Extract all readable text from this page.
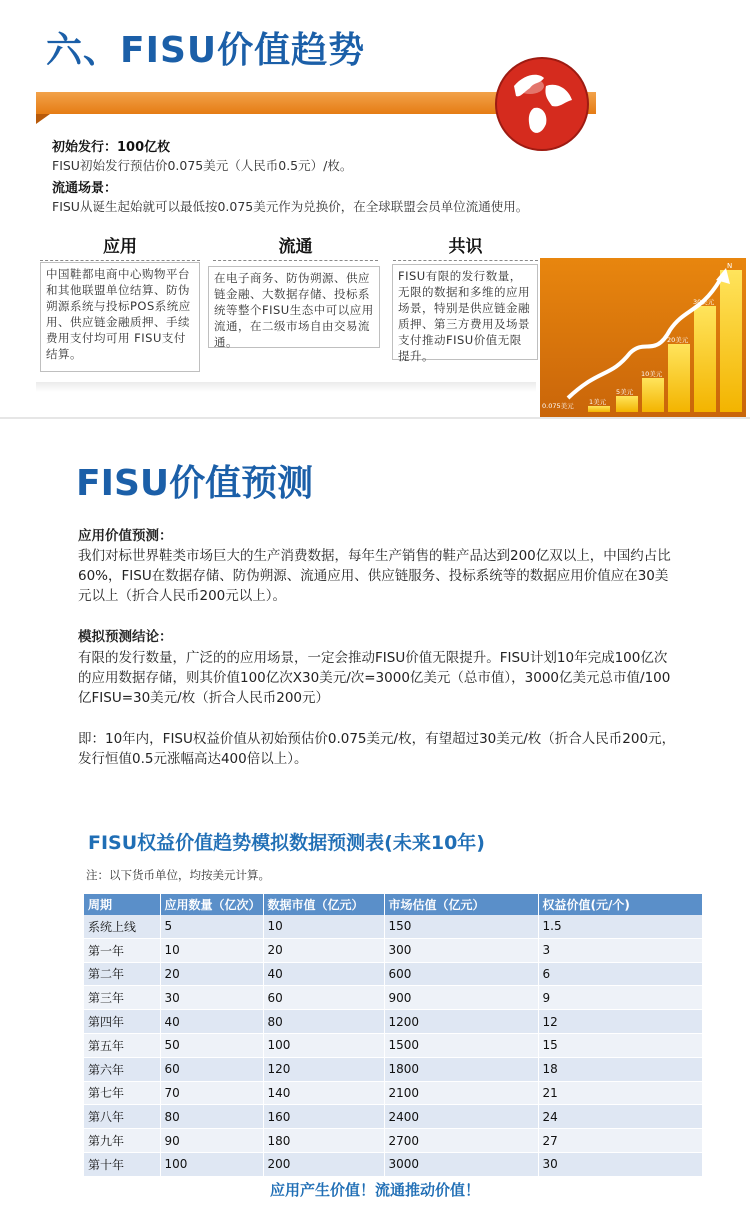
六、FISU价值趋势
初始发行：100亿枚
FISU初始发行预估价0.075美元（人民币0.5元）/枚。
流通场景：
FISU从诞生起始就可以最低按0.075美元作为兑换价，在全球联盟会员单位流通使用。
应用	流通	共识
中国鞋都电商中心购物平台和其他联盟单位结算、防伪朔源系统与投标POS系统应用、供应链金融质押、手续费用支付均可用 FISU支付结算。
在电子商务、防伪朔源、供应链金融、大数据存储、投标系统等整个FISU生态中可以应用流通，在二级市场自由交易流通。
FISU有限的发行数量，无限的数据和多维的应用场景，特别是供应链金融质押、第三方费用及场景支付推动FISU价值无限提升。
0.075美元 1美元
5美元
10美元
20美元
30美元
N
FISU价值预测
应用价值预测：
我们对标世界鞋类市场巨大的生产消费数据，每年生产销售的鞋产品达到200亿双以上，中国约占比60%，FISU在数据存储、防伪朔源、流通应用、供应链服务、投标系统等的数据应用价值应在30美元以上（折合人民币200元以上）。
模拟预测结论：
有限的发行数量，广泛的的应用场景，一定会推动FISU价值无限提升。FISU计划10年完成100亿次的应用数据存储，则其价值100亿次X30美元/次=3000亿美元（总市值），3000亿美元总市值/100亿FISU=30美元/枚（折合人民币200元）
即：10年内，FISU权益价值从初始预估价0.075美元/枚，有望超过30美元/枚（折合人民币200元，发行恒值0.5元涨幅高达400倍以上）。
FISU权益价值趋势模拟数据预测表(未来10年)
注：以下货币单位，均按美元计算。
周期	应用数量（亿次）	数据市值（亿元）	市场估值（亿元）	权益价值(元/个)
系统上线	5	10	150	1.5
第一年	10	20	300	3
第二年	20	40	600	6
第三年	30	60	900	9
第四年	40	80	1200	12
第五年	50	100	1500	15
第六年	60	120	1800	18
第七年	70	140	2100	21
第八年	80	160	2400	24
第九年	90	180	2700	27
第十年	100	200	3000	30
应用产生价值！流通推动价值！
